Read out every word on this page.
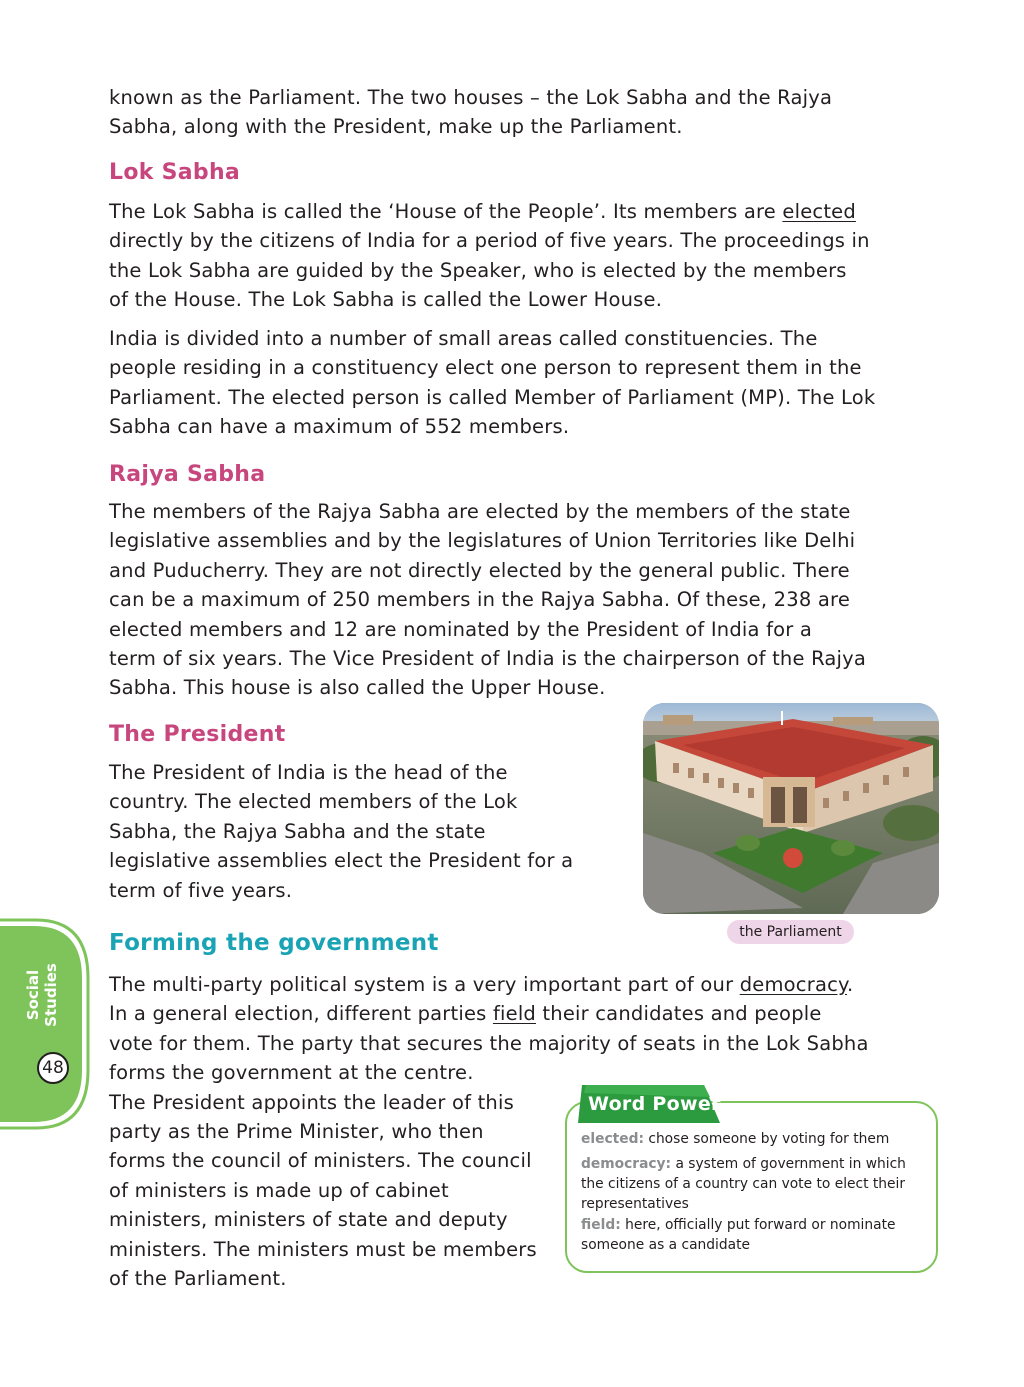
known as the Parliament. The two houses – the Lok Sabha and the Rajya
Sabha, along with the President, make up the Parliament.
Lok Sabha
The Lok Sabha is called the ‘House of the People’. Its members are elected
directly by the citizens of India for a period of five years. The proceedings in
the Lok Sabha are guided by the Speaker, who is elected by the members
of the House. The Lok Sabha is called the Lower House.
India is divided into a number of small areas called constituencies. The
people residing in a constituency elect one person to represent them in the
Parliament. The elected person is called Member of Parliament (MP). The Lok
Sabha can have a maximum of 552 members.
Rajya Sabha
The members of the Rajya Sabha are elected by the members of the state
legislative assemblies and by the legislatures of Union Territories like Delhi
and Puducherry. They are not directly elected by the general public. There
can be a maximum of 250 members in the Rajya Sabha. Of these, 238 are
elected members and 12 are nominated by the President of India for a
term of six years. The Vice President of India is the chairperson of the Rajya
Sabha. This house is also called the Upper House.
The President
The President of India is the head of the
country. The elected members of the Lok
Sabha, the Rajya Sabha and the state
legislative assemblies elect the President for a
term of five years.
the Parliament
Forming the government
The multi-party political system is a very important part of our democracy.
In a general election, different parties field their candidates and people
vote for them. The party that secures the majority of seats in the Lok Sabha
forms the government at the centre.
The President appoints the leader of this
party as the Prime Minister, who then
forms the council of ministers. The council
of ministers is made up of cabinet
ministers, ministers of state and deputy
ministers. The ministers must be members
of the Parliament.
Social Studies
48
Word Power
elected: chose someone by voting for them
democracy: a system of government in which the citizens of a country can vote to elect their representatives
field: here, officially put forward or nominate someone as a candidate
